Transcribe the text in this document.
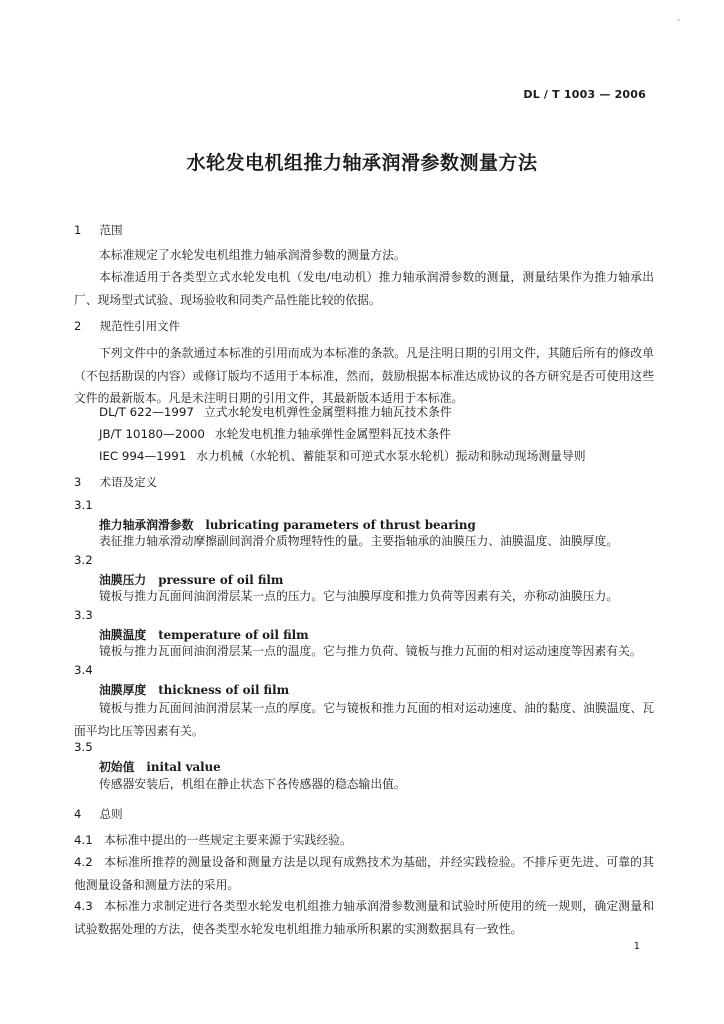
·
DL / T 1003 — 2006
水轮发电机组推力轴承润滑参数测量方法
1 范围
本标准规定了水轮发电机组推力轴承润滑参数的测量方法。
本标准适用于各类型立式水轮发电机（发电/电动机）推力轴承润滑参数的测量，测量结果作为推力轴承出厂、现场型式试验、现场验收和同类产品性能比较的依据。
2 规范性引用文件
下列文件中的条款通过本标准的引用而成为本标准的条款。凡是注明日期的引用文件，其随后所有的修改单（不包括勘误的内容）或修订版均不适用于本标准，然而，鼓励根据本标准达成协议的各方研究是否可使用这些文件的最新版本。凡是未注明日期的引用文件，其最新版本适用于本标准。
DL/T 622—1997 立式水轮发电机弹性金属塑料推力轴瓦技术条件
JB/T 10180—2000 水轮发电机推力轴承弹性金属塑料瓦技术条件
IEC 994—1991 水力机械（水轮机、蓄能泵和可逆式水泵水轮机）振动和脉动现场测量导则
3 术语及定义
3.1
推力轴承润滑参数 lubricating parameters of thrust bearing
表征推力轴承滑动摩擦副间润滑介质物理特性的量。主要指轴承的油膜压力、油膜温度、油膜厚度。
3.2
油膜压力 pressure of oil film
镜板与推力瓦面间油润滑层某一点的压力。它与油膜厚度和推力负荷等因素有关，亦称动油膜压力。
3.3
油膜温度 temperature of oil film
镜板与推力瓦面间油润滑层某一点的温度。它与推力负荷、镜板与推力瓦面的相对运动速度等因素有关。
3.4
油膜厚度 thickness of oil film
镜板与推力瓦面间油润滑层某一点的厚度。它与镜板和推力瓦面的相对运动速度、油的黏度、油膜温度、瓦面平均比压等因素有关。
3.5
初始值 inital value
传感器安装后，机组在静止状态下各传感器的稳态输出值。
4 总则
4.1 本标准中提出的一些规定主要来源于实践经验。
4.2 本标准所推荐的测量设备和测量方法是以现有成熟技术为基础，并经实践检验。不排斥更先进、可靠的其他测量设备和测量方法的采用。
4.3 本标准力求制定进行各类型水轮发电机组推力轴承润滑参数测量和试验时所使用的统一规则，确定测量和试验数据处理的方法，使各类型水轮发电机组推力轴承所积累的实测数据具有一致性。
1
